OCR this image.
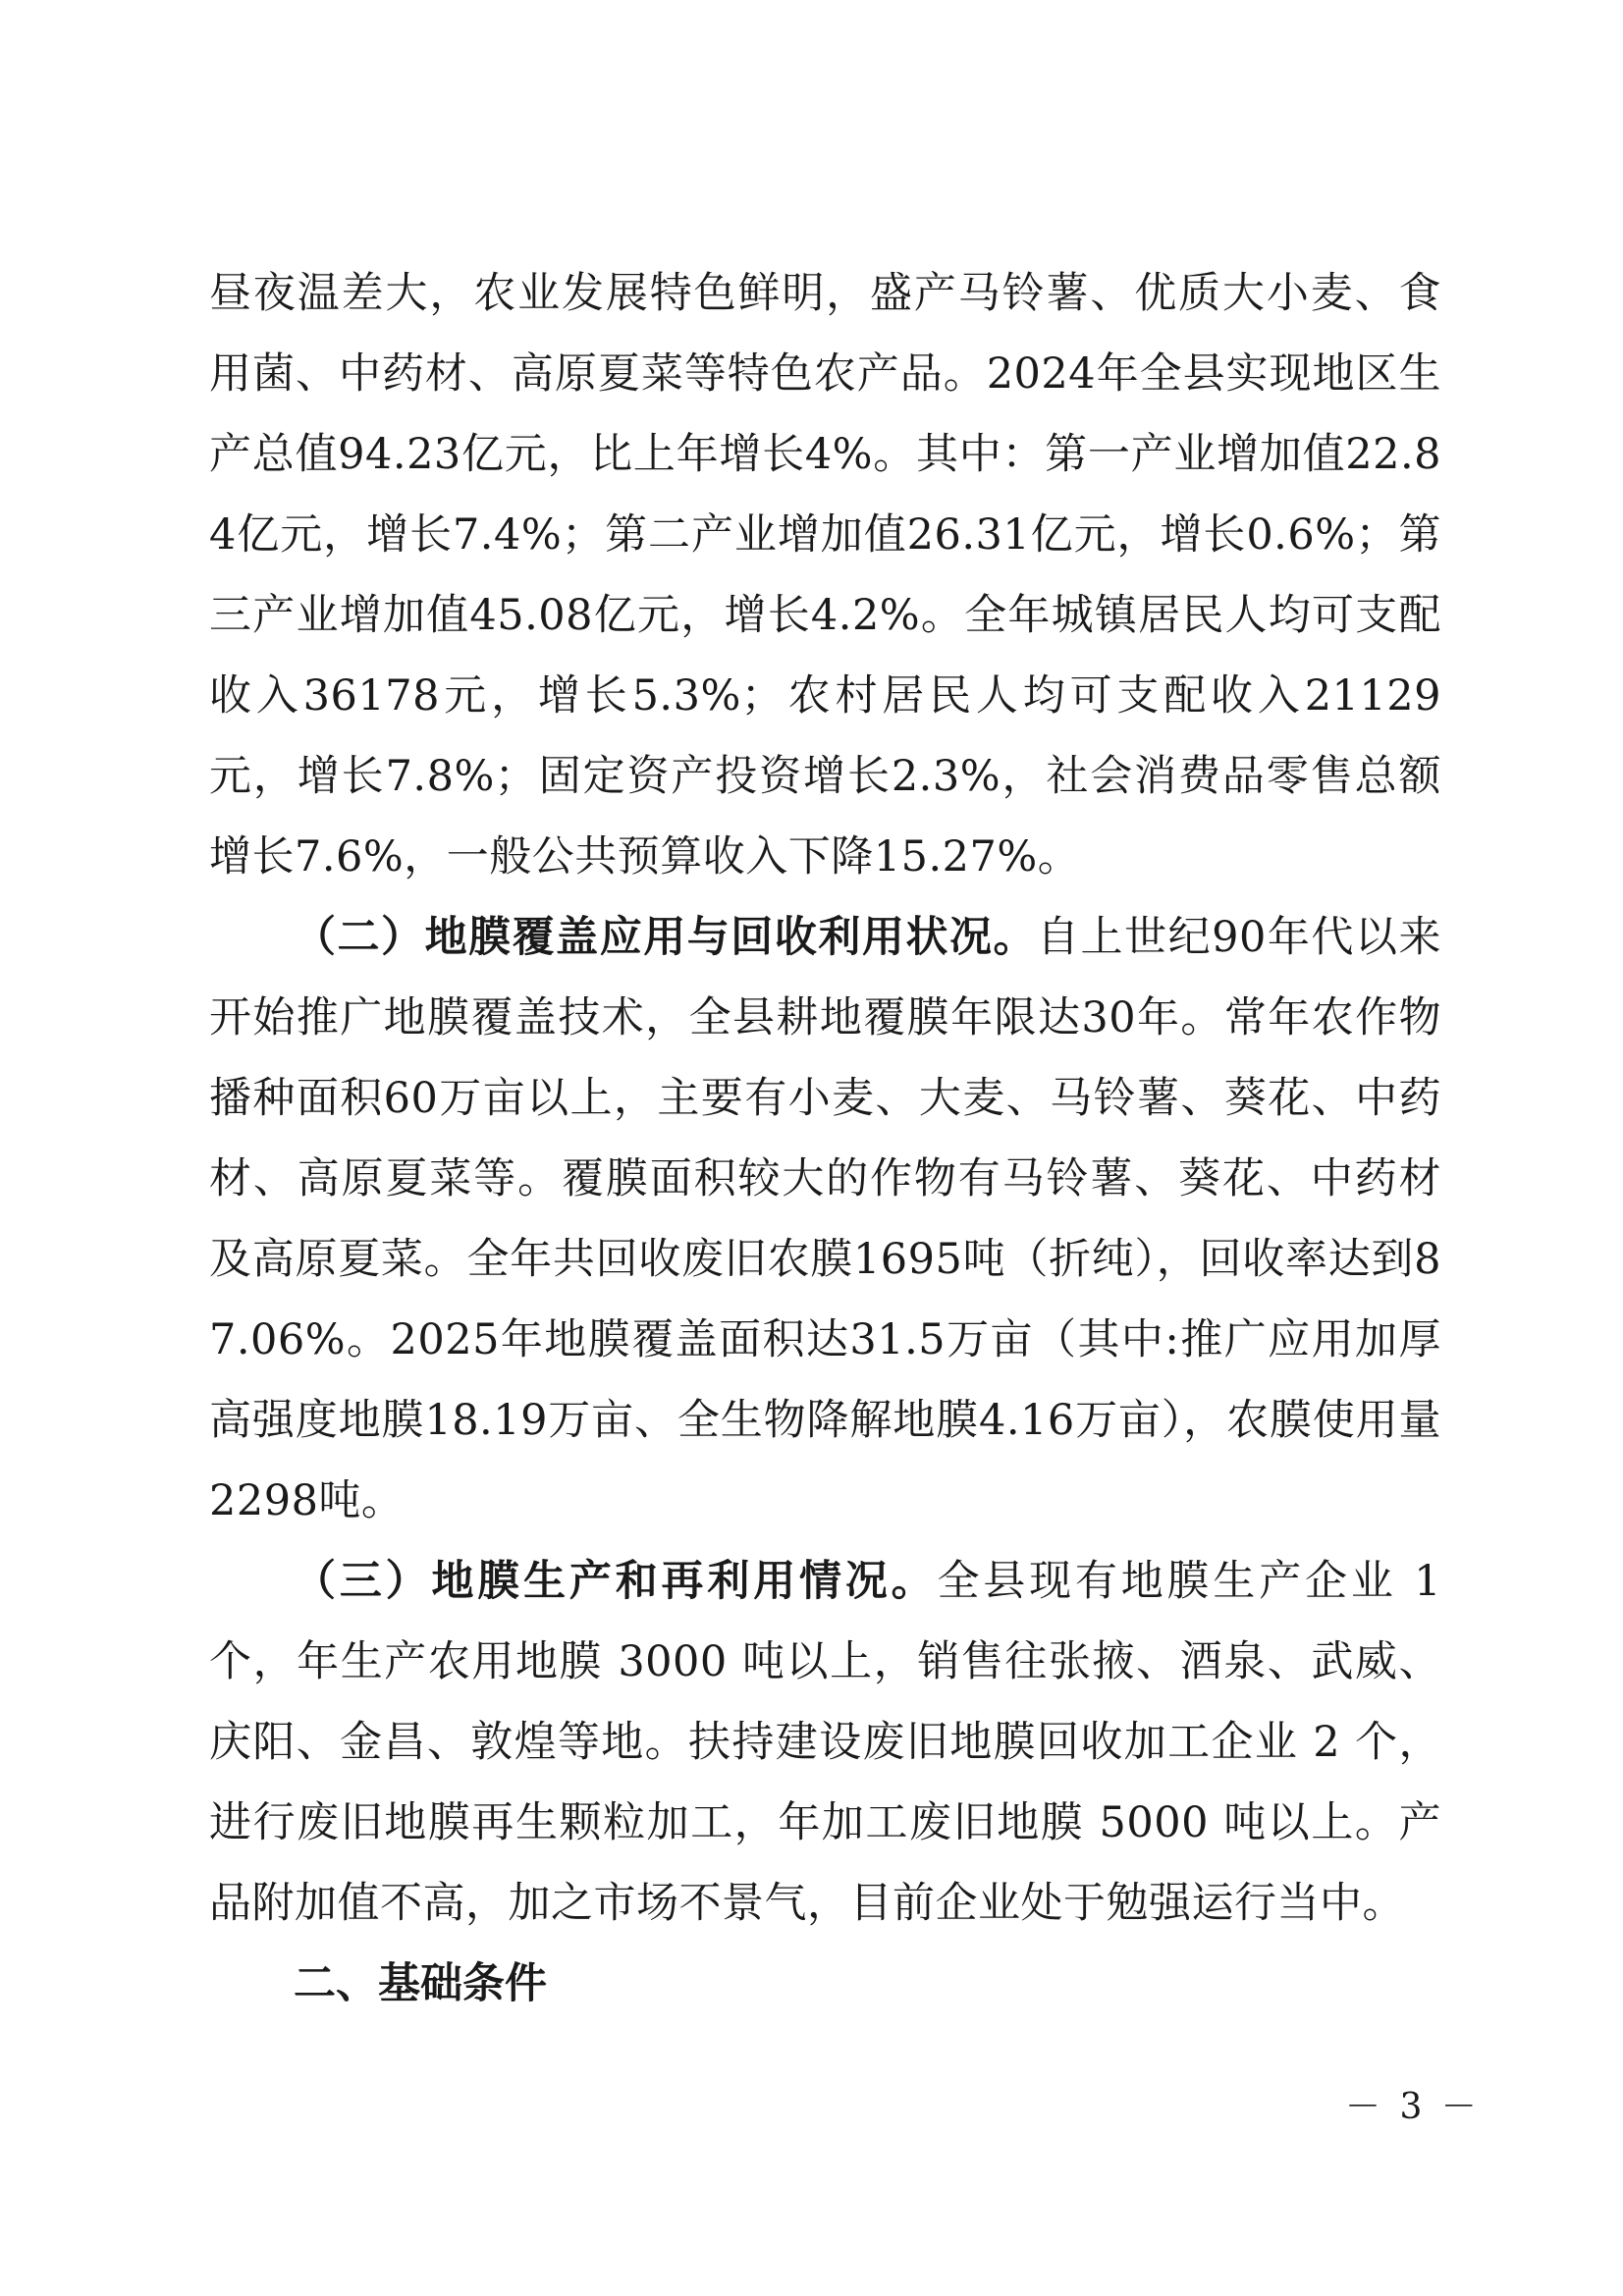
昼夜温差大，农业发展特色鲜明，盛产马铃薯、优质大小麦、食用菌、中药材、高原夏菜等特色农产品。2024年全县实现地区生产总值94.23亿元，比上年增长4%。其中：第一产业增加值22.84亿元，增长7.4%；第二产业增加值26.31亿元，增长0.6%；第三产业增加值45.08亿元，增长4.2%。全年城镇居民人均可支配收入36178元，增长5.3%；农村居民人均可支配收入21129元，增长7.8%；固定资产投资增长2.3%，社会消费品零售总额增长7.6%，一般公共预算收入下降15.27%。

（二）地膜覆盖应用与回收利用状况。自上世纪90年代以来开始推广地膜覆盖技术，全县耕地覆膜年限达30年。常年农作物播种面积60万亩以上，主要有小麦、大麦、马铃薯、葵花、中药材、高原夏菜等。覆膜面积较大的作物有马铃薯、葵花、中药材及高原夏菜。全年共回收废旧农膜1695吨（折纯），回收率达到87.06%。2025年地膜覆盖面积达31.5万亩（其中:推广应用加厚高强度地膜18.19万亩、全生物降解地膜4.16万亩），农膜使用量2298吨。

（三）地膜生产和再利用情况。全县现有地膜生产企业 1 个，年生产农用地膜 3000 吨以上，销售往张掖、酒泉、武威、庆阳、金昌、敦煌等地。扶持建设废旧地膜回收加工企业 2 个，进行废旧地膜再生颗粒加工，年加工废旧地膜 5000 吨以上。产品附加值不高，加之市场不景气，目前企业处于勉强运行当中。

二、基础条件

－ 3 －
